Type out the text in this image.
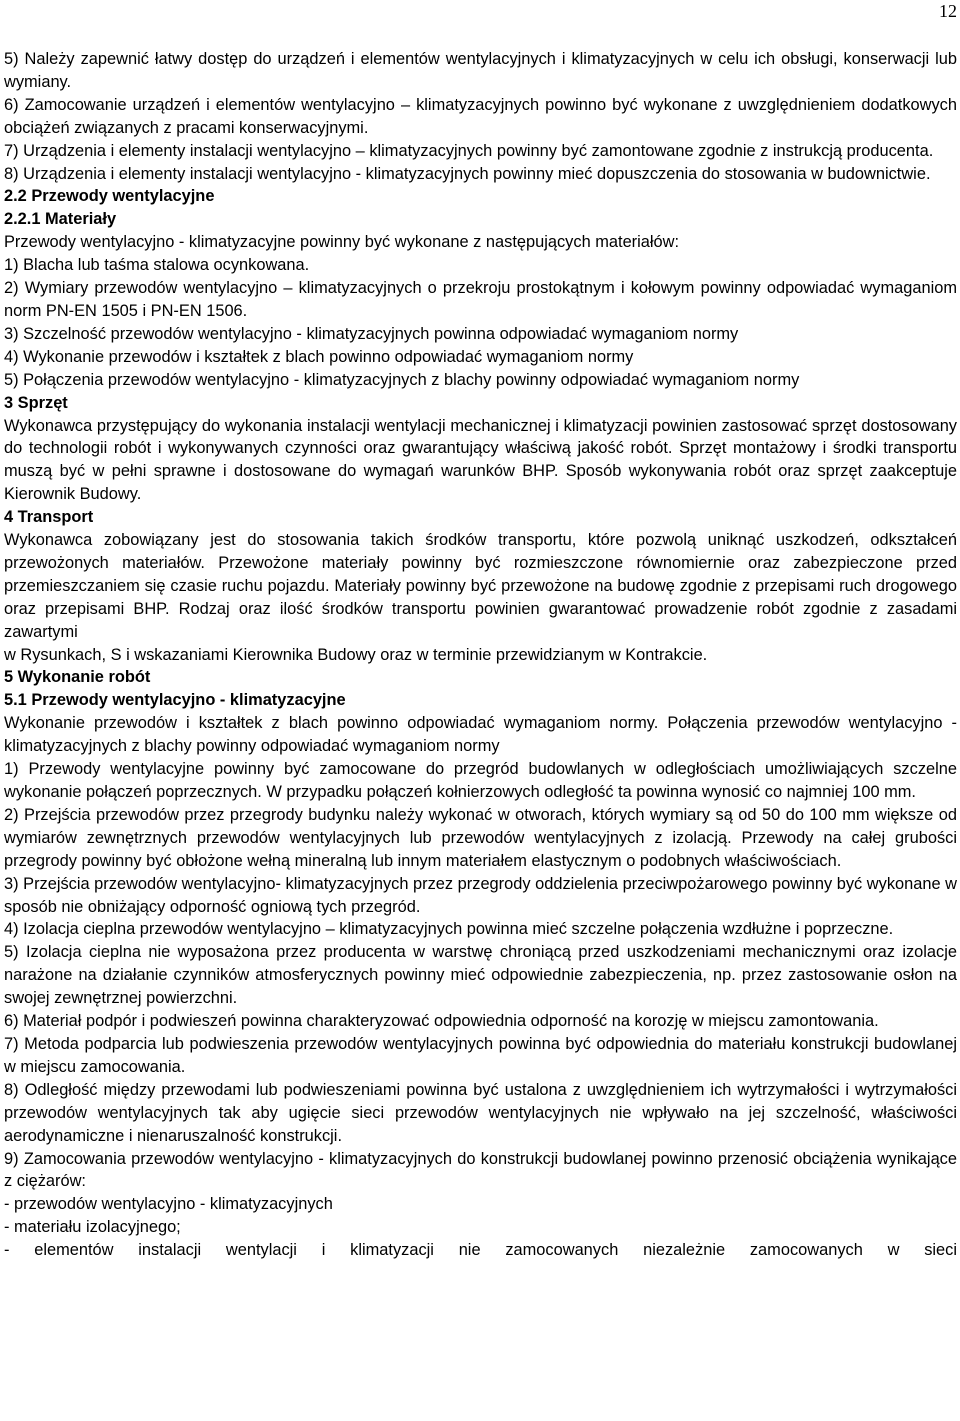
12

5) Należy zapewnić łatwy dostęp do urządzeń i elementów wentylacyjnych i klimatyzacyjnych w celu ich obsługi, konserwacji lub wymiany.

6) Zamocowanie urządzeń i elementów wentylacyjno – klimatyzacyjnych powinno być wykonane z uwzględnieniem dodatkowych obciążeń związanych z pracami konserwacyjnymi.

7) Urządzenia i elementy instalacji wentylacyjno – klimatyzacyjnych powinny być zamontowane zgodnie z instrukcją producenta.

8) Urządzenia i elementy instalacji wentylacyjno - klimatyzacyjnych powinny mieć dopuszczenia do stosowania w budownictwie.

2.2 Przewody wentylacyjne

2.2.1 Materiały

Przewody wentylacyjno - klimatyzacyjne powinny być wykonane z następujących materiałów:

1) Blacha lub taśma stalowa ocynkowana.

2) Wymiary przewodów wentylacyjno – klimatyzacyjnych o przekroju prostokątnym i kołowym powinny odpowiadać wymaganiom norm PN-EN 1505 i PN-EN 1506.

3) Szczelność przewodów wentylacyjno - klimatyzacyjnych powinna odpowiadać wymaganiom normy

4) Wykonanie przewodów i kształtek z blach powinno odpowiadać wymaganiom normy

5) Połączenia przewodów wentylacyjno - klimatyzacyjnych z blachy powinny odpowiadać wymaganiom normy

3 Sprzęt

Wykonawca przystępujący do wykonania instalacji wentylacji mechanicznej i klimatyzacji powinien zastosować sprzęt dostosowany do technologii robót i wykonywanych czynności oraz gwarantujący właściwą jakość robót. Sprzęt montażowy i środki transportu muszą być w pełni sprawne i dostosowane do wymagań warunków BHP. Sposób wykonywania robót oraz sprzęt zaakceptuje Kierownik Budowy.

4 Transport

Wykonawca zobowiązany jest do stosowania takich środków transportu, które pozwolą uniknąć uszkodzeń, odkształceń przewożonych materiałów. Przewożone materiały powinny być rozmieszczone równomiernie oraz zabezpieczone przed przemieszczaniem się czasie ruchu pojazdu. Materiały powinny być przewożone na budowę zgodnie z przepisami ruch drogowego oraz przepisami BHP. Rodzaj oraz ilość środków transportu powinien gwarantować prowadzenie robót zgodnie z zasadami zawartymi

w Rysunkach, S i wskazaniami Kierownika Budowy oraz w terminie przewidzianym w Kontrakcie.

5 Wykonanie robót

5.1 Przewody wentylacyjno - klimatyzacyjne

Wykonanie przewodów i kształtek z blach powinno odpowiadać wymaganiom normy. Połączenia przewodów wentylacyjno - klimatyzacyjnych z blachy powinny odpowiadać wymaganiom normy

1) Przewody wentylacyjne powinny być zamocowane do przegród budowlanych w odległościach umożliwiających szczelne wykonanie połączeń poprzecznych. W przypadku połączeń kołnierzowych odległość ta powinna wynosić co najmniej 100 mm.

2) Przejścia przewodów przez przegrody budynku należy wykonać w otworach, których wymiary są od 50 do 100 mm większe od wymiarów zewnętrznych przewodów wentylacyjnych lub przewodów wentylacyjnych z izolacją. Przewody na całej grubości przegrody powinny być obłożone wełną mineralną lub innym materiałem elastycznym o podobnych właściwościach.

3) Przejścia przewodów wentylacyjno- klimatyzacyjnych przez przegrody oddzielenia przeciwpożarowego powinny być wykonane w sposób nie obniżający odporność ogniową tych przegród.

4) Izolacja cieplna przewodów wentylacyjno – klimatyzacyjnych powinna mieć szczelne połączenia wzdłużne i poprzeczne.

5) Izolacja cieplna nie wyposażona przez producenta w warstwę chroniącą przed uszkodzeniami mechanicznymi oraz izolacje narażone na działanie czynników atmosferycznych powinny mieć odpowiednie zabezpieczenia, np. przez zastosowanie osłon na swojej zewnętrznej powierzchni.

6) Materiał podpór i podwieszeń powinna charakteryzować odpowiednia odporność na korozję w miejscu zamontowania.

7) Metoda podparcia lub podwieszenia przewodów wentylacyjnych powinna być odpowiednia do materiału konstrukcji budowlanej w miejscu zamocowania.

8) Odległość między przewodami lub podwieszeniami powinna być ustalona z uwzględnieniem ich wytrzymałości i wytrzymałości przewodów wentylacyjnych tak aby ugięcie sieci przewodów wentylacyjnych nie wpływało na jej szczelność, właściwości aerodynamiczne i nienaruszalność konstrukcji.

9) Zamocowania przewodów wentylacyjno - klimatyzacyjnych do konstrukcji budowlanej powinno przenosić obciążenia wynikające z ciężarów:

- przewodów wentylacyjno - klimatyzacyjnych

- materiału izolacyjnego;

- elementów instalacji wentylacji i klimatyzacji nie zamocowanych niezależnie zamocowanych w sieci
